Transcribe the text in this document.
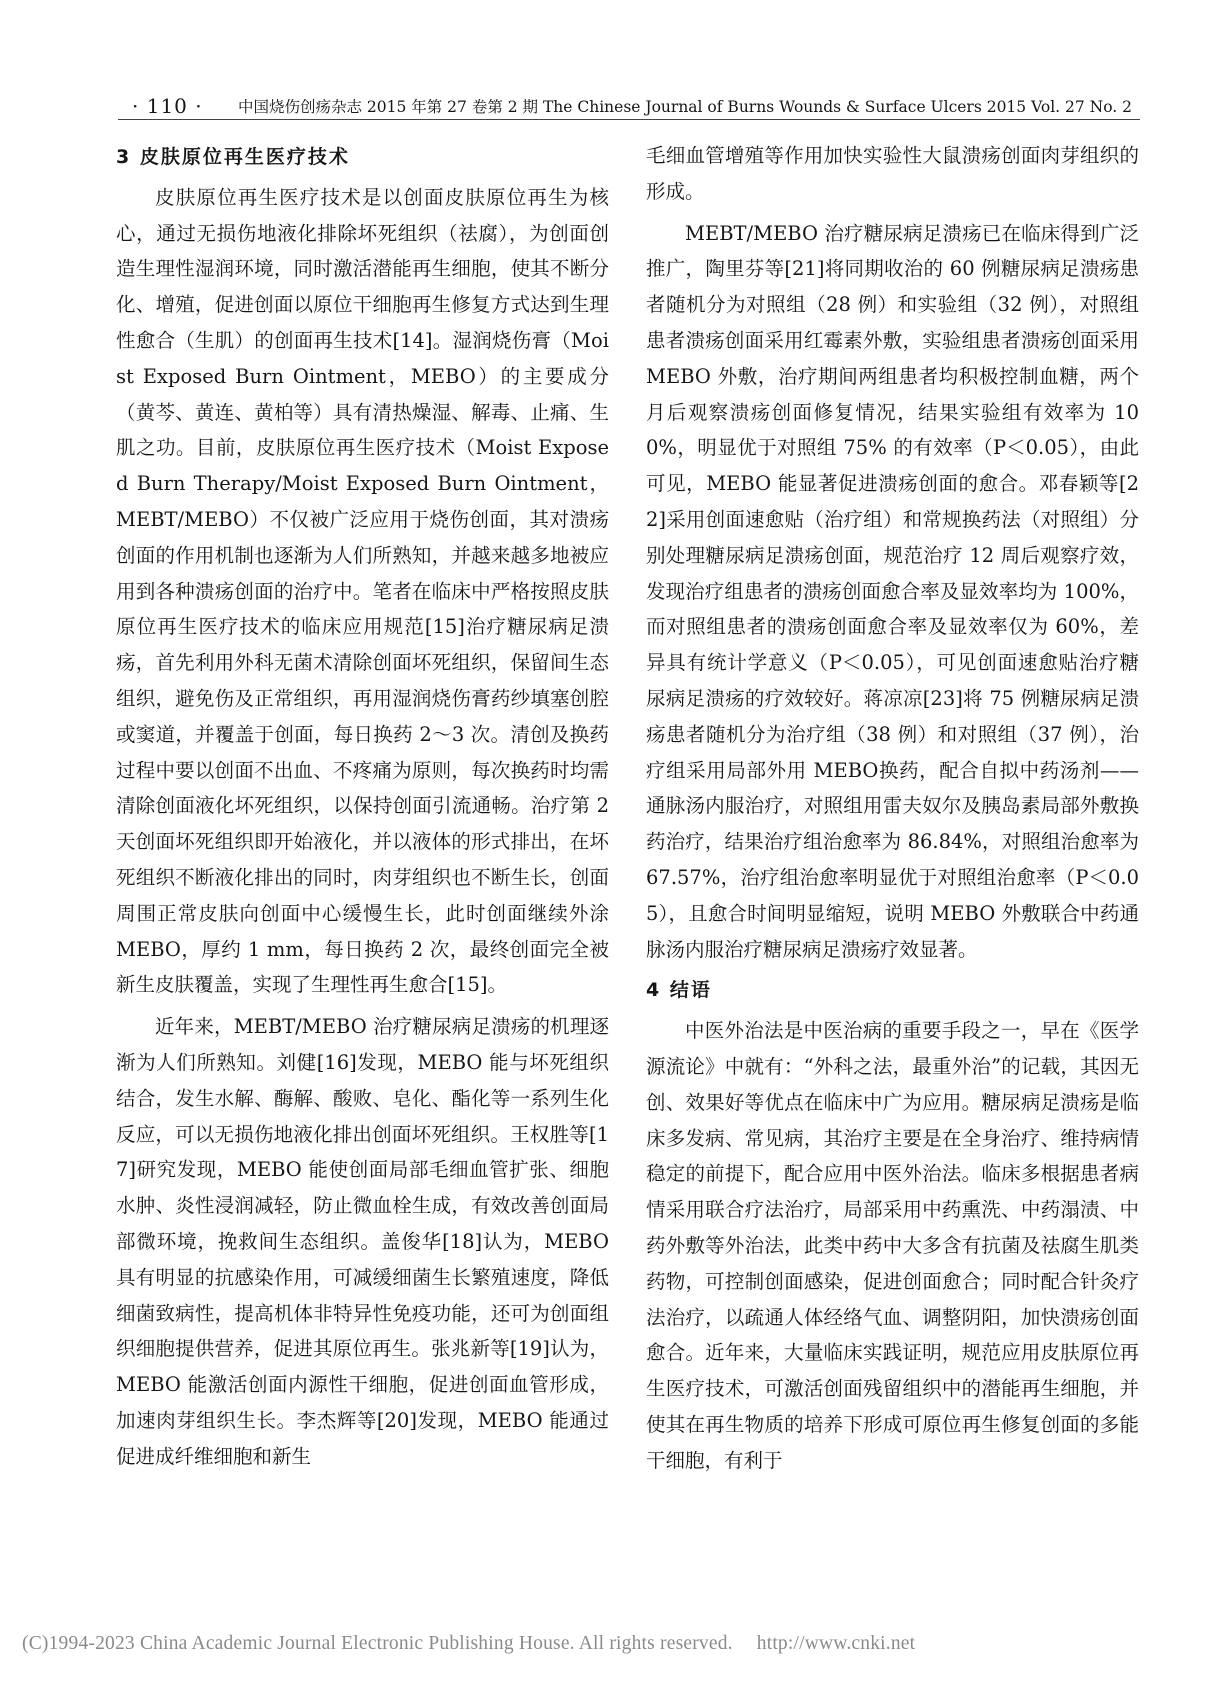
· 110 · 中国烧伤创疡杂志 2015 年第 27 卷第 2 期 The Chinese Journal of Burns Wounds & Surface Ulcers 2015 Vol. 27 No. 2
3 皮肤原位再生医疗技术

皮肤原位再生医疗技术是以创面皮肤原位再生为核心，通过无损伤地液化排除坏死组织（祛腐），为创面创造生理性湿润环境，同时激活潜能再生细胞，使其不断分化、增殖，促进创面以原位干细胞再生修复方式达到生理性愈合（生肌）的创面再生技术[14]。湿润烧伤膏（Moist Exposed Burn Ointment，MEBO）的主要成分（黄芩、黄连、黄柏等）具有清热燥湿、解毒、止痛、生肌之功。目前，皮肤原位再生医疗技术（Moist Exposed Burn Therapy/Moist Exposed Burn Ointment，MEBT/MEBO）不仅被广泛应用于烧伤创面，其对溃疡创面的作用机制也逐渐为人们所熟知，并越来越多地被应用到各种溃疡创面的治疗中。笔者在临床中严格按照皮肤原位再生医疗技术的临床应用规范[15]治疗糖尿病足溃疡，首先利用外科无菌术清除创面坏死组织，保留间生态组织，避免伤及正常组织，再用湿润烧伤膏药纱填塞创腔或窦道，并覆盖于创面，每日换药 2～3 次。清创及换药过程中要以创面不出血、不疼痛为原则，每次换药时均需清除创面液化坏死组织，以保持创面引流通畅。治疗第 2 天创面坏死组织即开始液化，并以液体的形式排出，在坏死组织不断液化排出的同时，肉芽组织也不断生长，创面周围正常皮肤向创面中心缓慢生长，此时创面继续外涂 MEBO，厚约 1 mm，每日换药 2 次，最终创面完全被新生皮肤覆盖，实现了生理性再生愈合[15]。

近年来，MEBT/MEBO 治疗糖尿病足溃疡的机理逐渐为人们所熟知。刘健[16]发现，MEBO 能与坏死组织结合，发生水解、酶解、酸败、皂化、酯化等一系列生化反应，可以无损伤地液化排出创面坏死组织。王权胜等[17]研究发现，MEBO 能使创面局部毛细血管扩张、细胞水肿、炎性浸润减轻，防止微血栓生成，有效改善创面局部微环境，挽救间生态组织。盖俊华[18]认为，MEBO 具有明显的抗感染作用，可减缓细菌生长繁殖速度，降低细菌致病性，提高机体非特异性免疫功能，还可为创面组织细胞提供营养，促进其原位再生。张兆新等[19]认为，MEBO 能激活创面内源性干细胞，促进创面血管形成，加速肉芽组织生长。李杰辉等[20]发现，MEBO 能通过促进成纤维细胞和新生

毛细血管增殖等作用加快实验性大鼠溃疡创面肉芽组织的形成。

MEBT/MEBO 治疗糖尿病足溃疡已在临床得到广泛推广，陶里芬等[21]将同期收治的 60 例糖尿病足溃疡患者随机分为对照组（28 例）和实验组（32 例），对照组患者溃疡创面采用红霉素外敷，实验组患者溃疡创面采用 MEBO 外敷，治疗期间两组患者均积极控制血糖，两个月后观察溃疡创面修复情况，结果实验组有效率为 100%，明显优于对照组 75% 的有效率（P＜0.05），由此可见，MEBO 能显著促进溃疡创面的愈合。邓春颖等[22]采用创面速愈贴（治疗组）和常规换药法（对照组）分别处理糖尿病足溃疡创面，规范治疗 12 周后观察疗效，发现治疗组患者的溃疡创面愈合率及显效率均为 100%，而对照组患者的溃疡创面愈合率及显效率仅为 60%，差异具有统计学意义（P＜0.05），可见创面速愈贴治疗糖尿病足溃疡的疗效较好。蒋凉凉[23]将 75 例糖尿病足溃疡患者随机分为治疗组（38 例）和对照组（37 例），治疗组采用局部外用 MEBO换药，配合自拟中药汤剂——通脉汤内服治疗，对照组用雷夫奴尔及胰岛素局部外敷换药治疗，结果治疗组治愈率为 86.84%，对照组治愈率为 67.57%，治疗组治愈率明显优于对照组治愈率（P＜0.05），且愈合时间明显缩短，说明 MEBO 外敷联合中药通脉汤内服治疗糖尿病足溃疡疗效显著。

4 结语

中医外治法是中医治病的重要手段之一，早在《医学源流论》中就有：“外科之法，最重外治”的记载，其因无创、效果好等优点在临床中广为应用。糖尿病足溃疡是临床多发病、常见病，其治疗主要是在全身治疗、维持病情稳定的前提下，配合应用中医外治法。临床多根据患者病情采用联合疗法治疗，局部采用中药熏洗、中药溻渍、中药外敷等外治法，此类中药中大多含有抗菌及祛腐生肌类药物，可控制创面感染，促进创面愈合；同时配合针灸疗法治疗，以疏通人体经络气血、调整阴阳，加快溃疡创面愈合。近年来，大量临床实践证明，规范应用皮肤原位再生医疗技术，可激活创面残留组织中的潜能再生细胞，并使其在再生物质的培养下形成可原位再生修复创面的多能干细胞，有利于

(C)1994-2023 China Academic Journal Electronic Publishing House. All rights reserved. http://www.cnki.net
